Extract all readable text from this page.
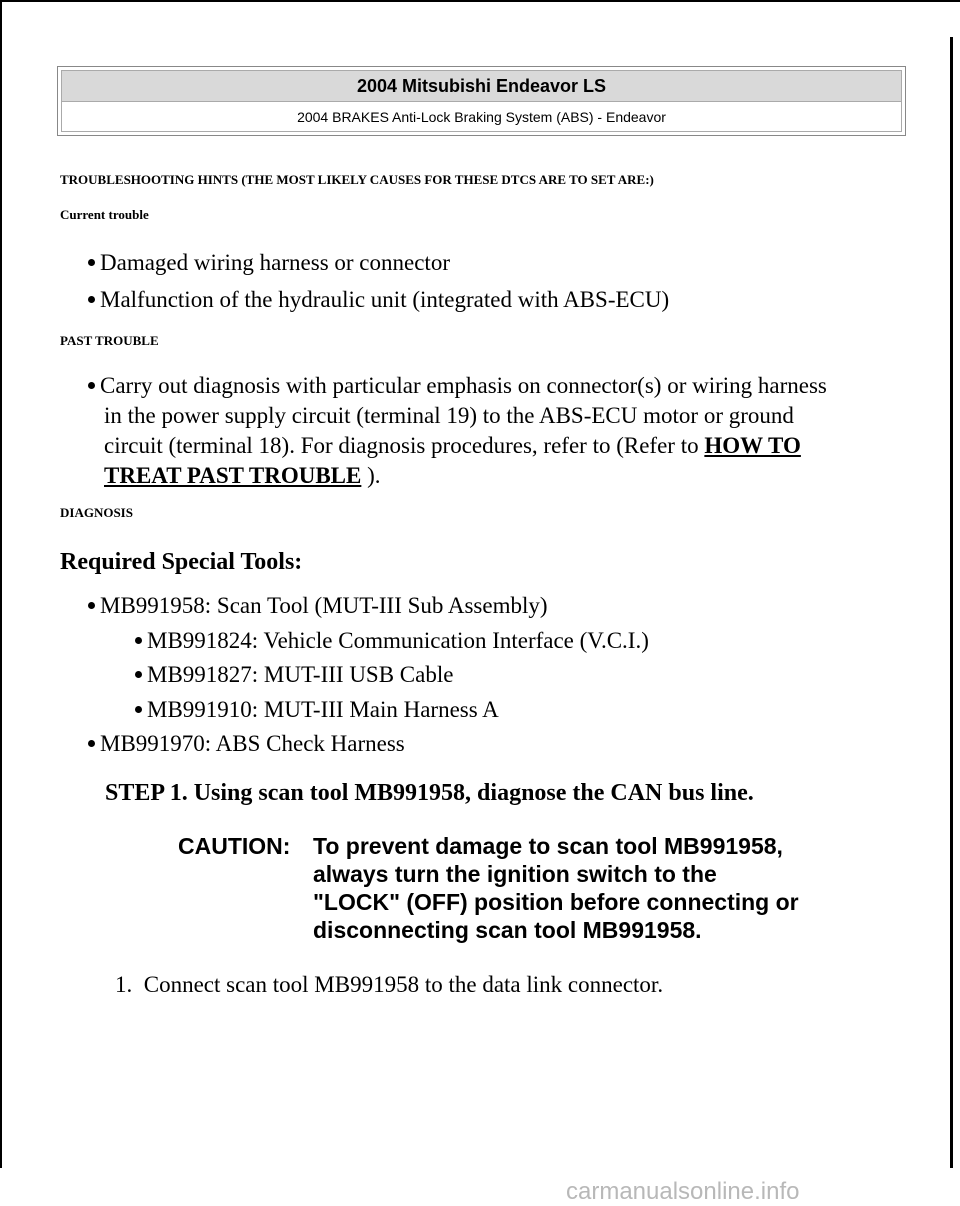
2004 Mitsubishi Endeavor LS
2004 BRAKES Anti-Lock Braking System (ABS) - Endeavor
TROUBLESHOOTING HINTS (THE MOST LIKELY CAUSES FOR THESE DTCS ARE TO SET ARE:)
Current trouble
Damaged wiring harness or connector
Malfunction of the hydraulic unit (integrated with ABS-ECU)
PAST TROUBLE
Carry out diagnosis with particular emphasis on connector(s) or wiring harness
in the power supply circuit (terminal 19) to the ABS-ECU motor or ground
circuit (terminal 18). For diagnosis procedures, refer to (Refer to HOW TO
TREAT PAST TROUBLE ).
DIAGNOSIS
Required Special Tools:
MB991958: Scan Tool (MUT-III Sub Assembly)
MB991824: Vehicle Communication Interface (V.C.I.)
MB991827: MUT-III USB Cable
MB991910: MUT-III Main Harness A
MB991970: ABS Check Harness
STEP 1. Using scan tool MB991958, diagnose the CAN bus line.
CAUTION: To prevent damage to scan tool MB991958,
always turn the ignition switch to the
"LOCK" (OFF) position before connecting or
disconnecting scan tool MB991958.
1.  Connect scan tool MB991958 to the data link connector.
carmanualsonline.info
